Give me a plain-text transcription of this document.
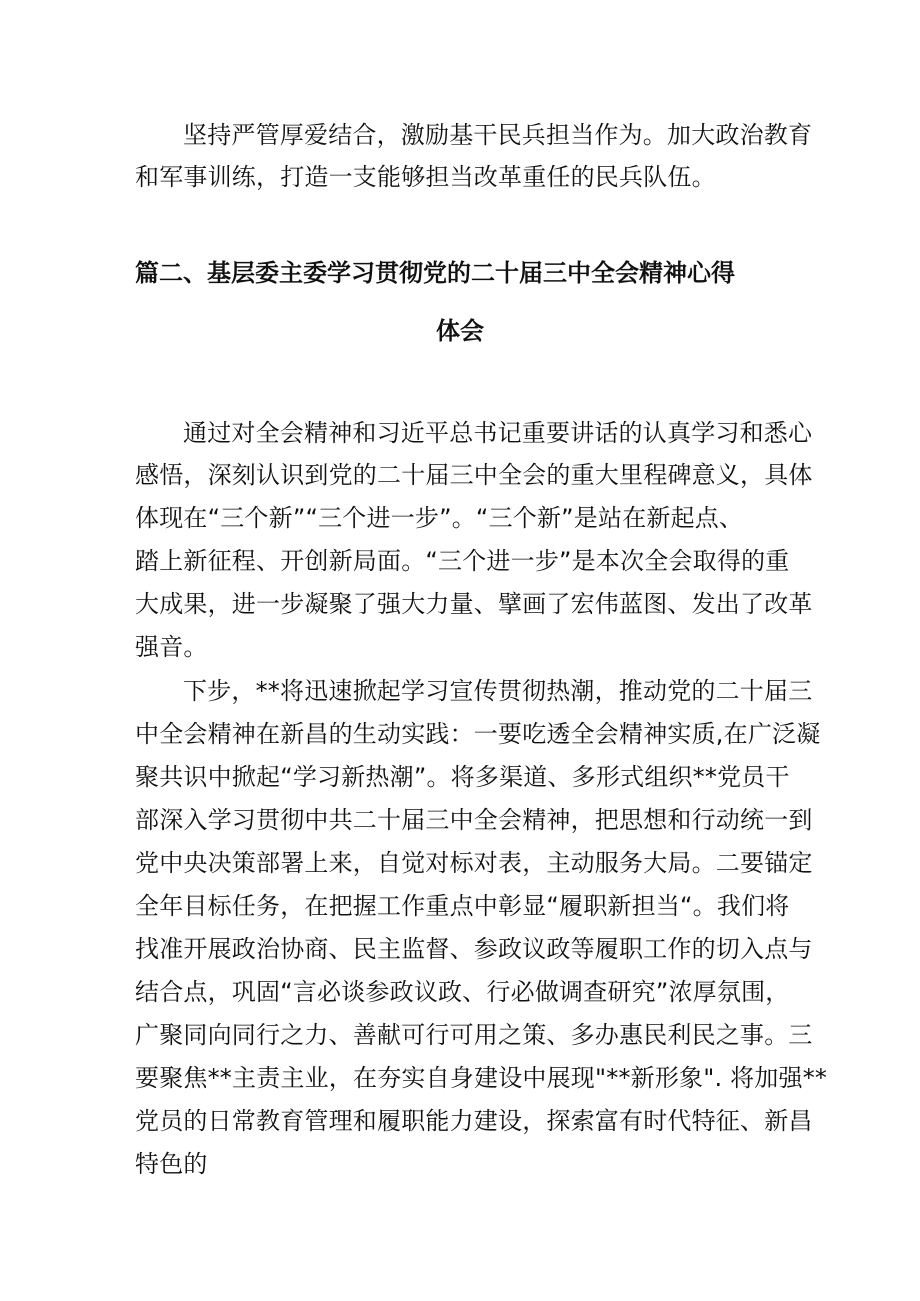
坚持严管厚爱结合，激励基干民兵担当作为。加大政治教育
和军事训练，打造一支能够担当改革重任的民兵队伍。
篇二、基层委主委学习贯彻党的二十届三中全会精神心得
体会
通过对全会精神和习近平总书记重要讲话的认真学习和悉心
感悟，深刻认识到党的二十届三中全会的重大里程碑意义，具体
体现在“三个新”“三个进一步”。“三个新”是站在新起点、
踏上新征程、开创新局面。“三个进一步”是本次全会取得的重
大成果，进一步凝聚了强大力量、擘画了宏伟蓝图、发出了改革
强音。
下步，**将迅速掀起学习宣传贯彻热潮，推动党的二十届三
中全会精神在新昌的生动实践：一要吃透全会精神实质,在广泛凝
聚共识中掀起“学习新热潮”。将多渠道、多形式组织**党员干
部深入学习贯彻中共二十届三中全会精神，把思想和行动统一到
党中央决策部署上来，自觉对标对表，主动服务大局。二要锚定
全年目标任务，在把握工作重点中彰显“履职新担当“。我们将
找准开展政治协商、民主监督、参政议政等履职工作的切入点与
结合点，巩固“言必谈参政议政、行必做调查研究”浓厚氛围，
广聚同向同行之力、善献可行可用之策、多办惠民利民之事。三
要聚焦**主责主业，在夯实自身建设中展现"**新形象". 将加强**
党员的日常教育管理和履职能力建设，探索富有时代特征、新昌
特色的
